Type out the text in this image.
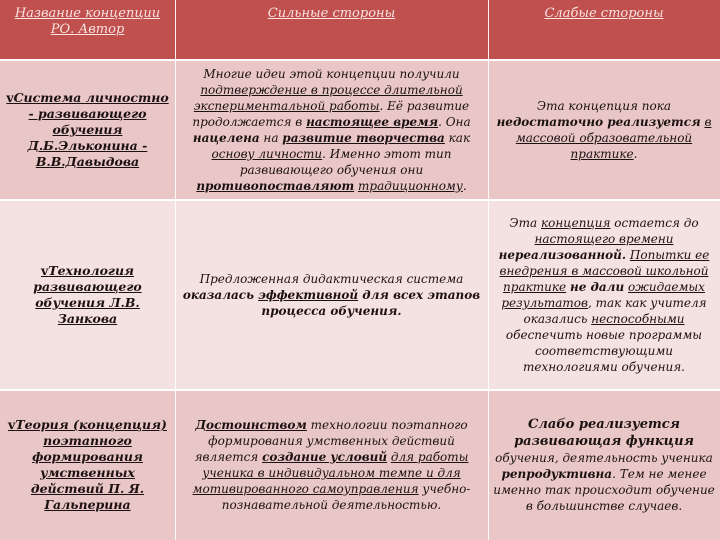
Название концепции РО. Автор
Сильные стороны	Слабые стороны
vСистема личностно - развивающего обучения Д.Б.Эльконина - В.В.Давыдова
Многие идеи этой концепции получили подтверждение в процессе длительной экспериментальной работы. Её развитие продолжается в настоящее время. Она нацелена на развитие творчества как основу личности. Именно этот тип развивающего обучения они противопоставляют традиционному.
Эта концепция пока недостаточно реализуется в массовой образовательной практике.
vТехнология развивающего обучения Л.В. Занкова
Предложенная дидактическая система оказалась эффективной для всех этапов процесса обучения.
Эта концепция остается до настоящего времени нереализованной. Попытки ее внедрения в массовой школьной практике не дали ожидаемых результатов, так как учителя оказались неспособными обеспечить новые программы соответствующими технологиями обучения.
vТеория (концепция) поэтапного формирования умственных действий П. Я. Гальперина
Достоинством технологии поэтапного формирования умственных действий является создание условий для работы ученика в индивидуальном темпе и для мотивированного самоуправления учебно-познавательной деятельностью.
Слабо реализуется развивающая функция обучения, деятельность ученика репродуктивна. Тем не менее именно так происходит обучение в большинстве случаев.
